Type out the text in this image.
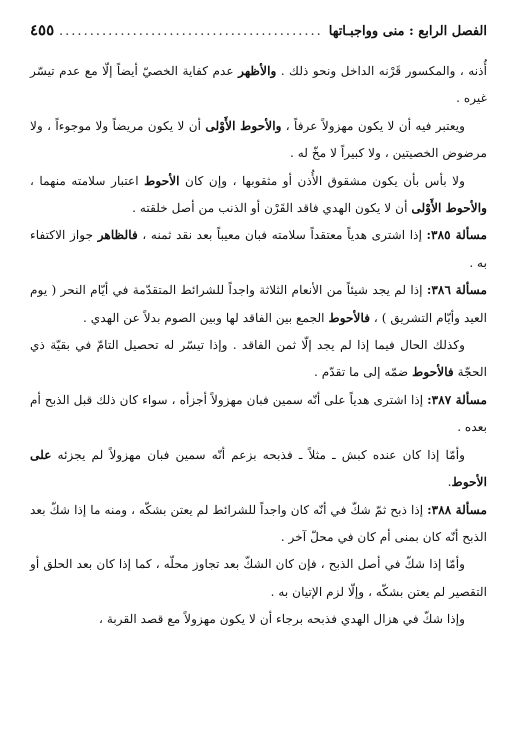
الفصل الرابع : منى وواجبـاتها
.....
٤٥٥

أُذنه ، والمكسور قَرْنه الداخل ونحو ذلك . والأظهر عدم كفاية الخصيّ أيضاً إلّا مع عدم تيسّر غيره .

ويعتبر فيه أن لا يكون مهزولاً عرفاً ، والأحوط الأَوْلى أن لا يكون مريضاً ولا موجوءاً ، ولا مرضوض الخصيتين ، ولا كبيراً لا مخّ له .

ولا بأس بأن يكون مشقوق الأُذن أو مثقوبها ، وإن كان الأحوط اعتبار سلامته منهما ، والأحوط الأَوْلى أن لا يكون الهدي فاقد القَرْن أو الذنب من أصل خلقته .

مسألة ٣٨٥: إذا اشترى هدياً معتقداً سلامته فبان معيباً بعد نقد ثمنه ، فالظاهر جواز الاكتفاء به .

مسألة ٣٨٦: إذا لم يجد شيئاً من الأنعام الثلاثة واجداً للشرائط المتقدّمة في أيّام النحر ( يوم العيد وأيّام التشريق ) ، فالأحوط الجمع بين الفاقد لها وبين الصوم بدلاً عن الهدي .

وكذلك الحال فيما إذا لم يجد إلّا ثمن الفاقد . وإذا تيسّر له تحصيل التامّ في بقيّة ذي الحجّة فالأحوط ضمّه إلى ما تقدّم .

مسألة ٣٨٧: إذا اشترى هدياً على أنّه سمين فبان مهزولاً أجزأه ، سواء كان ذلك قبل الذبح أم بعده .

وأمّا إذا كان عنده كبش ـ مثلاً ـ فذبحه بزعم أنّه سمين فبان مهزولاً لم يجزئه على الأحوط.

مسألة ٣٨٨: إذا ذبح ثمّ شكّ في أنّه كان واجداً للشرائط لم يعتن بشكّه ، ومنه ما إذا شكّ بعد الذبح أنّه كان بمنى أم كان في محلّ آخر .

وأمّا إذا شكّ في أصل الذبح ، فإن كان الشكّ بعد تجاوز محلّه ، كما إذا كان بعد الحلق أو التقصير لم يعتن بشكّه ، وإلّا لزم الإتيان به .

وإذا شكّ في هزال الهدي فذبحه برجاء أن لا يكون مهزولاً مع قصد القربة ،
